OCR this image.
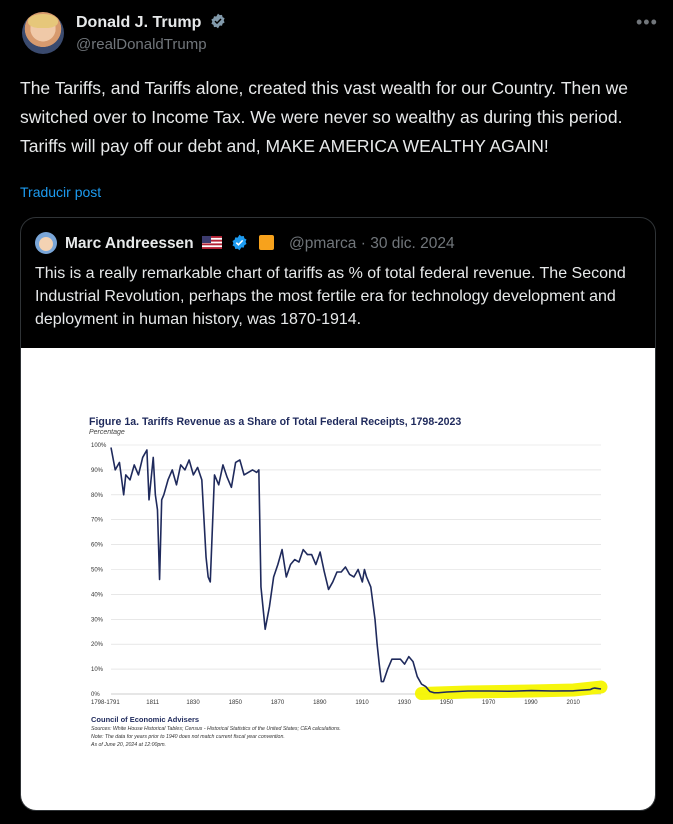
Donald J. Trump
@realDonaldTrump
•••
The Tariffs, and Tariffs alone, created this vast wealth for our Country. Then we switched over to Income Tax. We were never so wealthy as during this period. Tariffs will pay off our debt and, MAKE AMERICA WEALTHY AGAIN!
Traducir post
Marc Andreessen	@pmarca · 30 dic. 2024
This is a really remarkable chart of tariffs as % of total federal revenue. The Second Industrial Revolution, perhaps the most fertile era for technology development and deployment in human history, was 1870-1914.
Figure 1a. Tariffs Revenue as a Share of Total Federal Receipts, 1798-2023
Percentage
0%
10%
20%
30%
40%
50%
60%
70%
80%
90%
100%
1798-1791	1811	1830	1850	1870	1890	1910	1930	1950	1970	1990	2010
Council of Economic Advisers
Sources: White House Historical Tables; Census - Historical Statistics of the United States; CEA calculations.
Note: The data for years prior to 1940 does not match current fiscal year convention.
As of June 20, 2024 at 12:00pm.
